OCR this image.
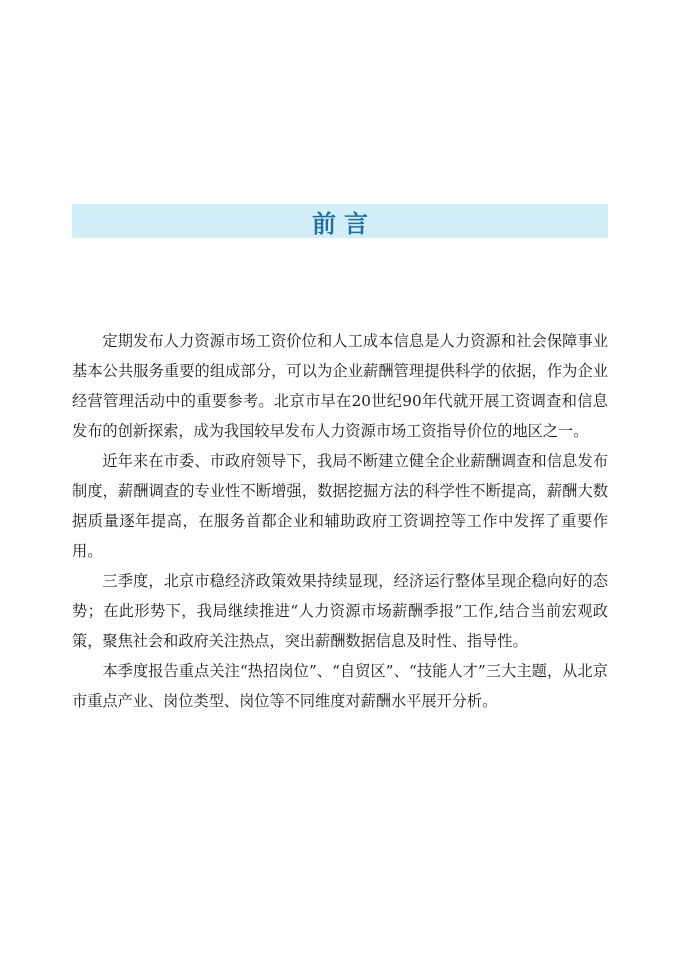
前言

定期发布人力资源市场工资价位和人工成本信息是人力资源和社会保障事业基本公共服务重要的组成部分，可以为企业薪酬管理提供科学的依据，作为企业经营管理活动中的重要参考。北京市早在20世纪90年代就开展工资调查和信息发布的创新探索，成为我国较早发布人力资源市场工资指导价位的地区之一。

近年来在市委、市政府领导下，我局不断建立健全企业薪酬调查和信息发布制度，薪酬调查的专业性不断增强，数据挖掘方法的科学性不断提高，薪酬大数据质量逐年提高，在服务首都企业和辅助政府工资调控等工作中发挥了重要作用。

三季度，北京市稳经济政策效果持续显现，经济运行整体呈现企稳向好的态势；在此形势下，我局继续推进“人力资源市场薪酬季报”工作,结合当前宏观政策，聚焦社会和政府关注热点，突出薪酬数据信息及时性、指导性。

本季度报告重点关注“热招岗位”、“自贸区”、“技能人才”三大主题，从北京市重点产业、岗位类型、岗位等不同维度对薪酬水平展开分析。
